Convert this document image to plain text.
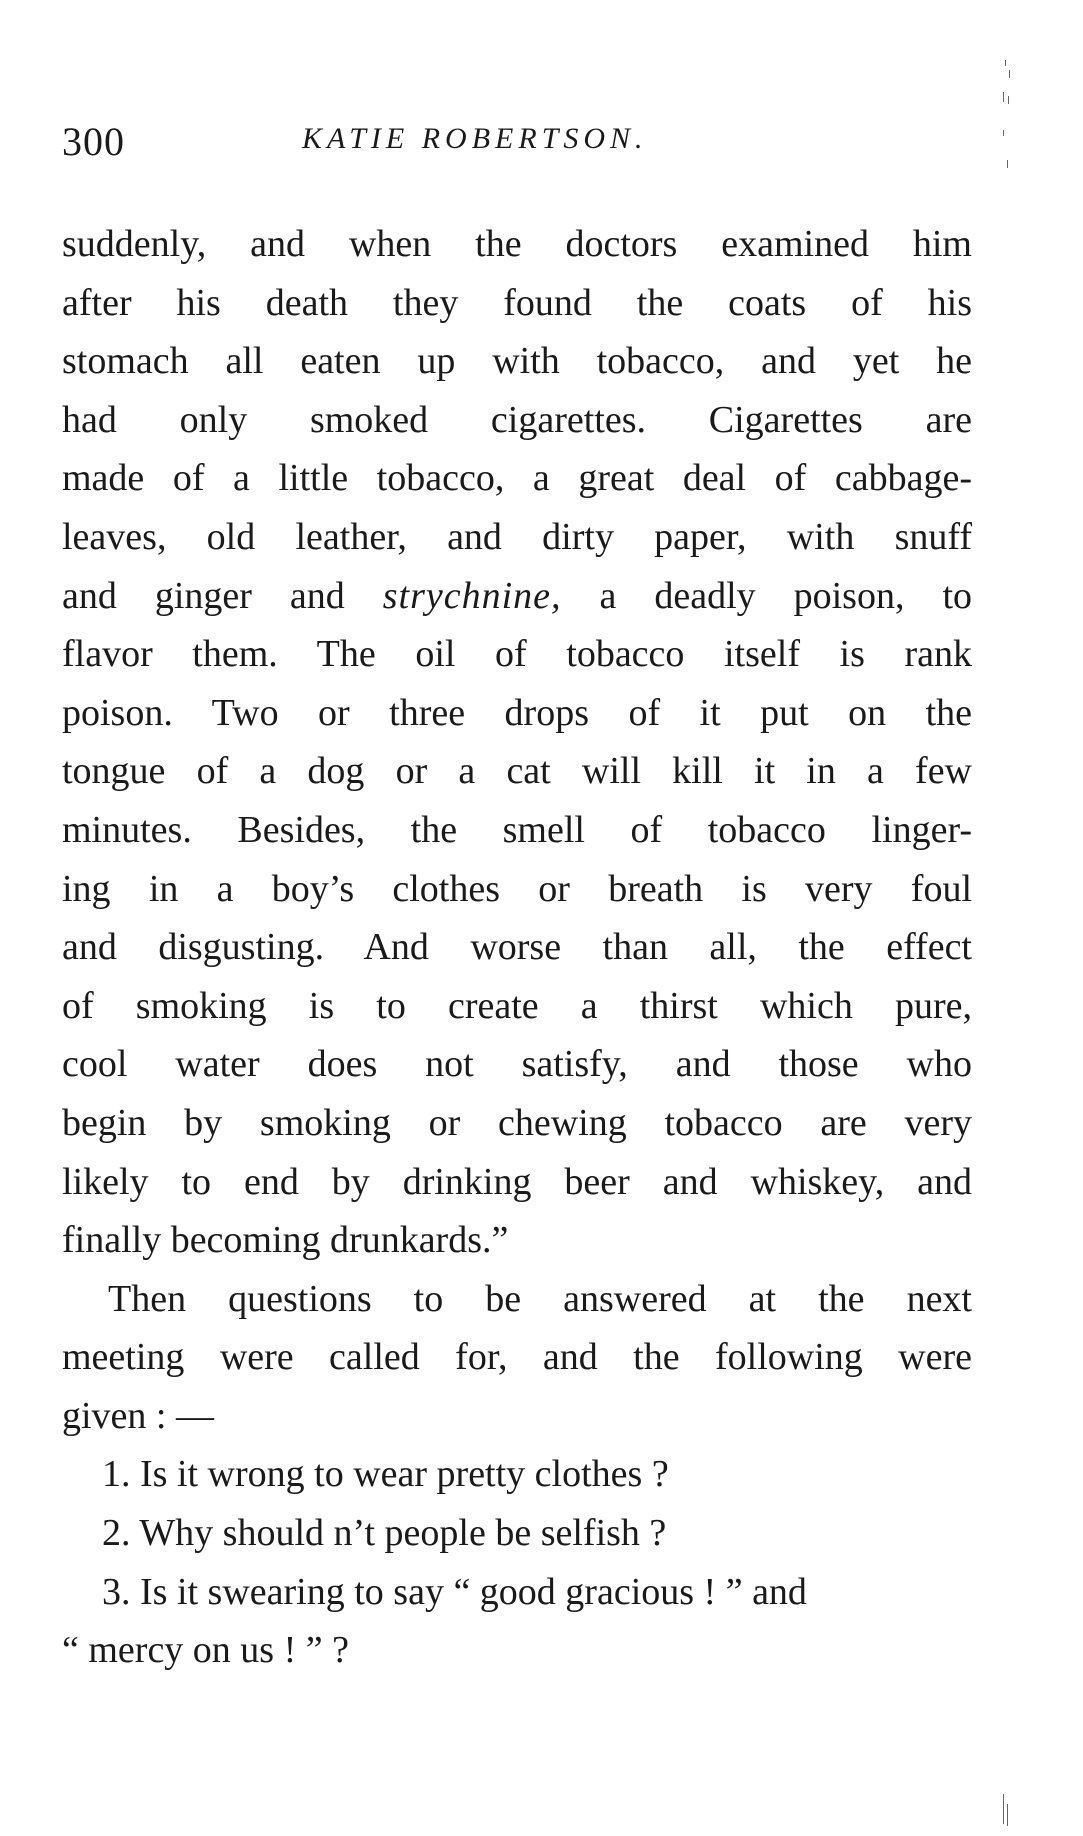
300	KATIE ROBERTSON.
suddenly, and when the doctors examined him
after his death they found the coats of his
stomach all eaten up with tobacco, and yet he
had only smoked cigarettes. Cigarettes are
made of a little tobacco, a great deal of cabbage-
leaves, old leather, and dirty paper, with snuff
and ginger and strychnine, a deadly poison, to
flavor them. The oil of tobacco itself is rank
poison. Two or three drops of it put on the
tongue of a dog or a cat will kill it in a few
minutes. Besides, the smell of tobacco linger-
ing in a boy’s clothes or breath is very foul
and disgusting. And worse than all, the effect
of smoking is to create a thirst which pure,
cool water does not satisfy, and those who
begin by smoking or chewing tobacco are very
likely to end by drinking beer and whiskey, and
finally becoming drunkards.”
Then questions to be answered at the next
meeting were called for, and the following were
given : —
1. Is it wrong to wear pretty clothes ?
2. Why should n’t people be selfish ?
3. Is it swearing to say “ good gracious ! ” and
“ mercy on us ! ” ?
